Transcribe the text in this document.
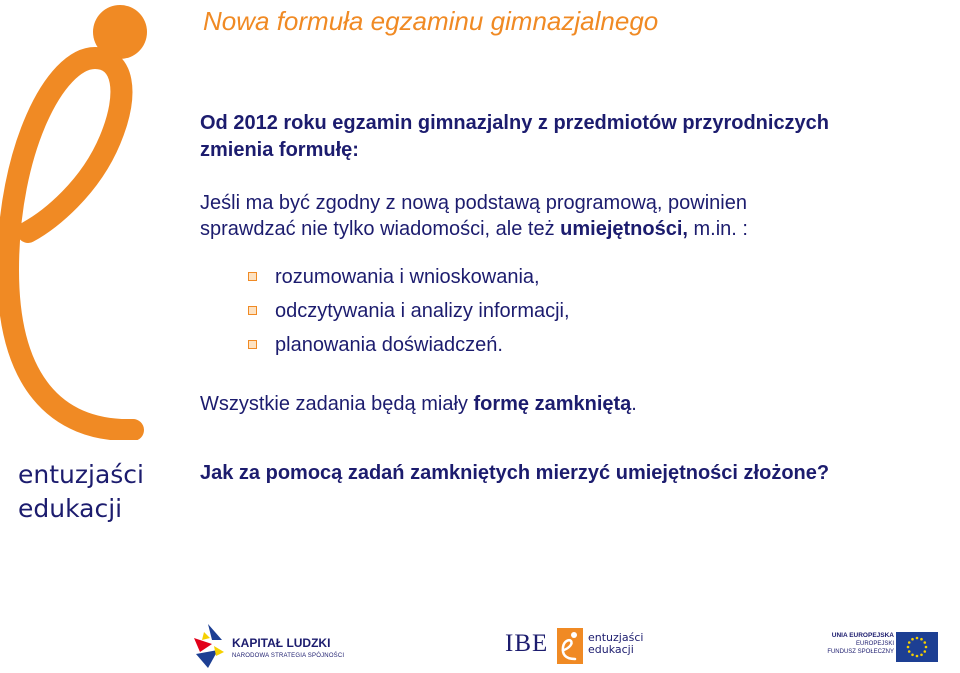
Nowa formuła egzaminu gimnazjalnego

Od 2012 roku egzamin gimnazjalny z przedmiotów przyrodniczych
zmienia formułę:

Jeśli ma być zgodny z nową podstawą programową, powinien
sprawdzać nie tylko wiadomości, ale też umiejętności, m.in. :

rozumowania i wnioskowania,
odczytywania i analizy informacji,
planowania doświadczeń.

Wszystkie zadania będą miały formę zamkniętą.

Jak za pomocą zadań zamkniętych mierzyć umiejętności złożone?

entuzjaści
edukacji
KAPITAŁ LUDZKI
NARODOWA STRATEGIA SPÓJNOŚCI	IBE	entuzjaści
edukacji
UNIA EUROPEJSKA
EUROPEJSKI
FUNDUSZ SPOŁECZNY
